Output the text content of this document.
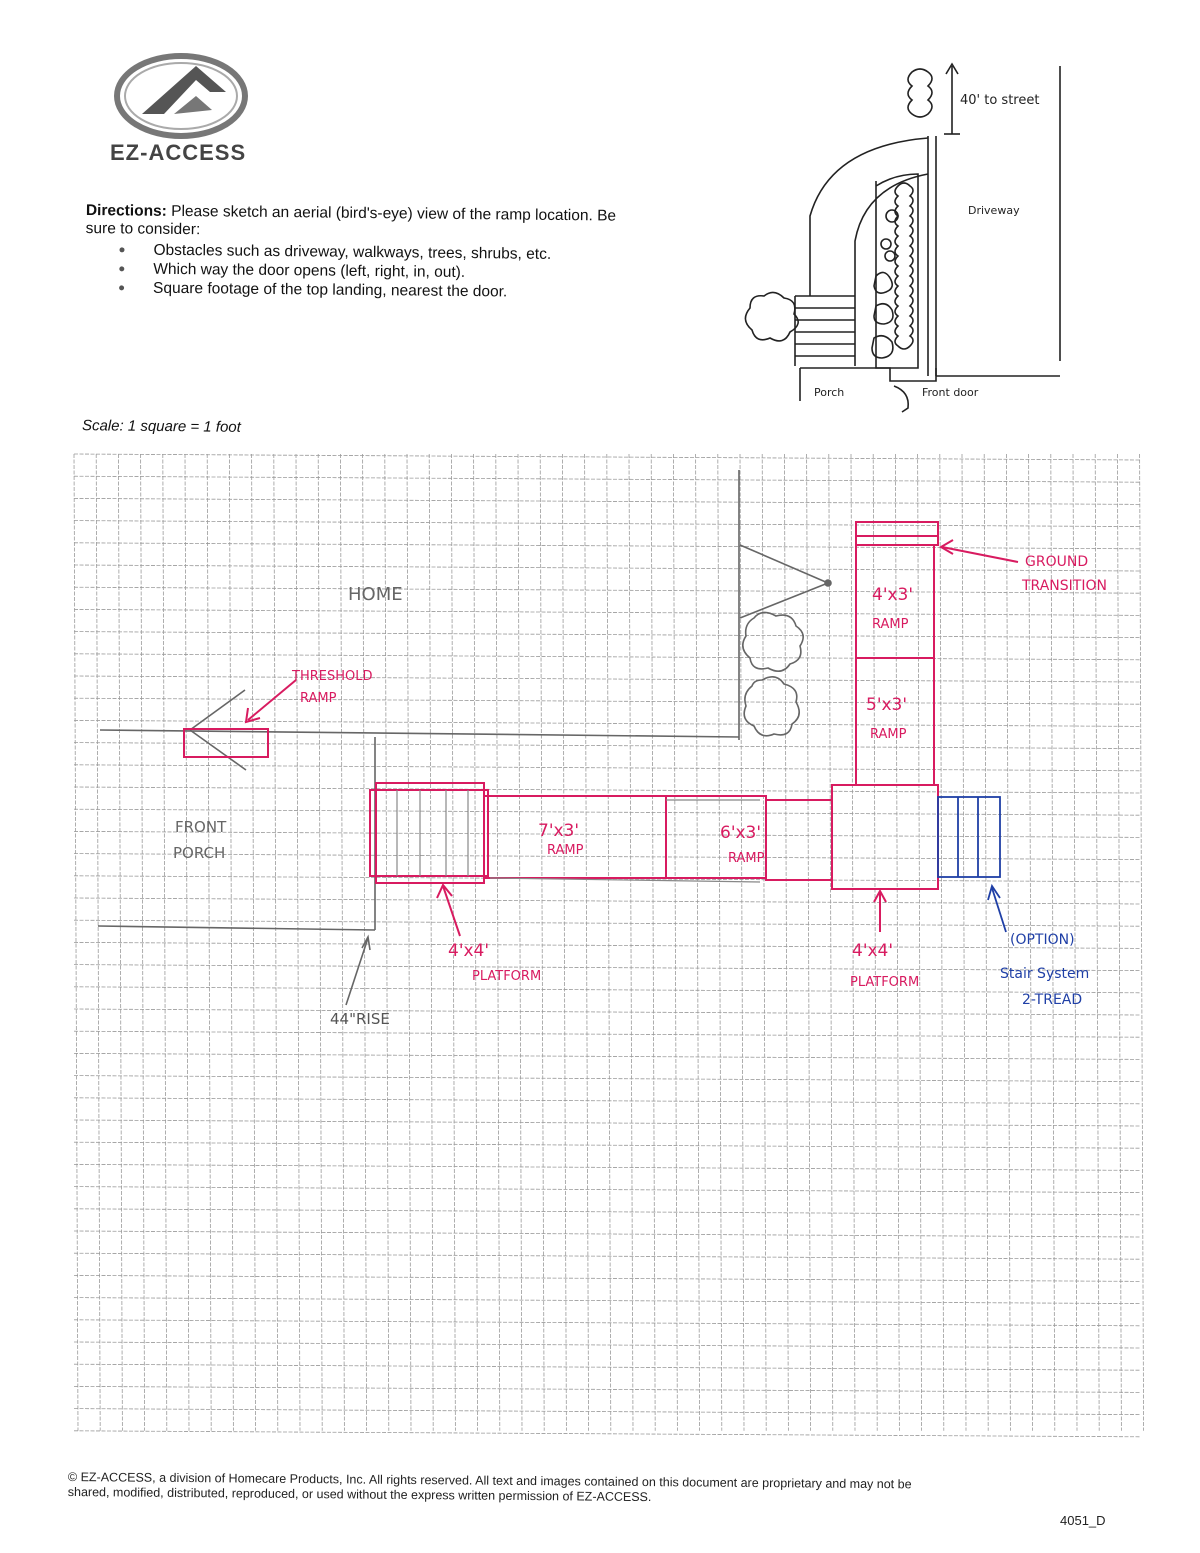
EZ-ACCESS
Directions: Please sketch an aerial (bird's-eye) view of the ramp location. Be sure to consider:
Obstacles such as driveway, walkways, trees, shrubs, etc.
Which way the door opens (left, right, in, out).
Square footage of the top landing, nearest the door.
Scale: 1 square = 1 foot
40' to street
Driveway
Porch	Front door
HOME
FRONT
PORCH
44"RISE
THRESHOLD
RAMP
GROUND
TRANSITION
4'x3'
RAMP
5'x3'
RAMP
7'x3'
RAMP
6'x3'
RAMP
4'x4'
PLATFORM
4'x4'
PLATFORM
(OPTION)
Stair System
2-TREAD
© EZ-ACCESS, a division of Homecare Products, Inc. All rights reserved. All text and images contained on this document are proprietary and may not be shared, modified, distributed, reproduced, or used without the express written permission of EZ-ACCESS.
4051_D
